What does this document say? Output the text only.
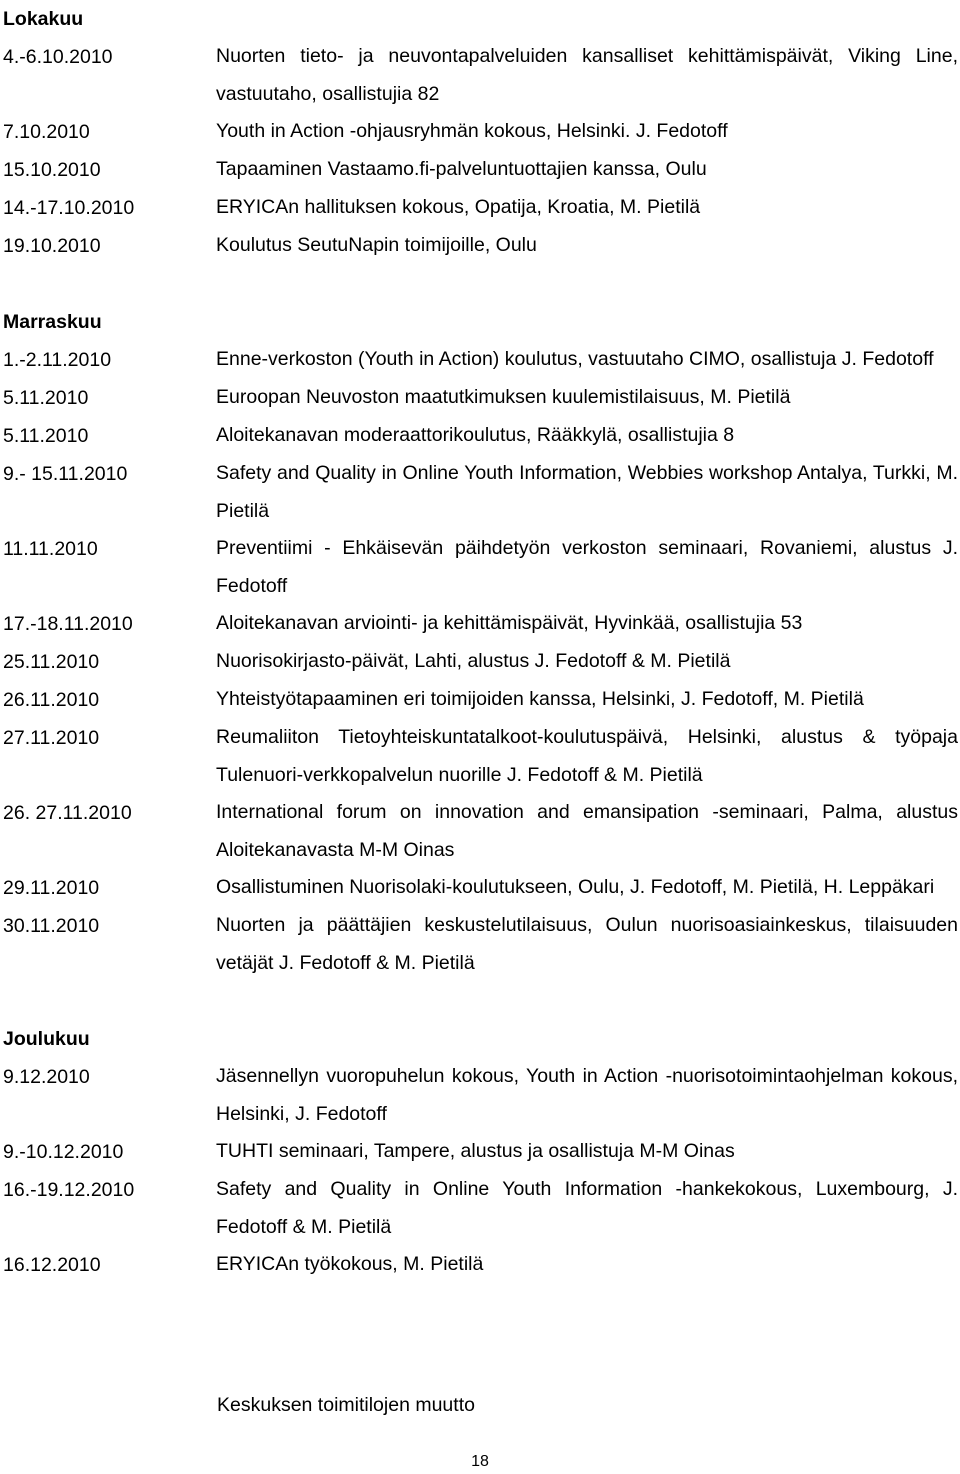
Lokakuu
4.-6.10.2010	Nuorten tieto- ja neuvontapalveluiden kansalliset kehittämispäivät, Viking Line, vastuutaho, osallistujia 82
7.10.2010	Youth in Action -ohjausryhmän kokous, Helsinki. J. Fedotoff
15.10.2010	Tapaaminen Vastaamo.fi-palveluntuottajien kanssa, Oulu
14.-17.10.2010	ERYICAn hallituksen kokous, Opatija, Kroatia, M. Pietilä
19.10.2010	Koulutus SeutuNapin toimijoille, Oulu
Marraskuu
1.-2.11.2010	Enne-verkoston (Youth in Action) koulutus, vastuutaho CIMO, osallistuja J. Fedotoff
5.11.2010	Euroopan Neuvoston maatutkimuksen kuulemistilaisuus, M. Pietilä
5.11.2010	Aloitekanavan moderaattorikoulutus, Rääkkylä, osallistujia 8
9.- 15.11.2010	Safety and Quality in Online Youth Information, Webbies workshop Antalya, Turkki, M. Pietilä
11.11.2010	Preventiimi - Ehkäisevän päihdetyön verkoston seminaari, Rovaniemi, alustus J. Fedotoff
17.-18.11.2010	Aloitekanavan arviointi- ja kehittämispäivät, Hyvinkää, osallistujia 53
25.11.2010	Nuorisokirjasto-päivät, Lahti, alustus J. Fedotoff & M. Pietilä
26.11.2010	Yhteistyötapaaminen eri toimijoiden kanssa, Helsinki, J. Fedotoff, M. Pietilä
27.11.2010	Reumaliiton Tietoyhteiskuntatalkoot-koulutuspäivä, Helsinki, alustus & työpaja Tulenuori-verkkopalvelun nuorille J. Fedotoff & M. Pietilä
26. 27.11.2010	International forum on innovation and emansipation -seminaari, Palma, alustus Aloitekanavasta M-M Oinas
29.11.2010	Osallistuminen Nuorisolaki-koulutukseen, Oulu, J. Fedotoff, M. Pietilä, H. Leppäkari
30.11.2010	Nuorten ja päättäjien keskustelutilaisuus, Oulun nuorisoasiainkeskus, tilaisuuden vetäjät J. Fedotoff & M. Pietilä
Joulukuu
9.12.2010	Jäsennellyn vuoropuhelun kokous, Youth in Action -nuorisotoimintaohjelman kokous, Helsinki, J. Fedotoff
9.-10.12.2010	TUHTI seminaari, Tampere, alustus ja osallistuja M-M Oinas
16.-19.12.2010	Safety and Quality in Online Youth Information -hankekokous, Luxembourg, J. Fedotoff & M. Pietilä
16.12.2010	ERYICAn työkokous, M. Pietilä
Keskuksen toimitilojen muutto
18
